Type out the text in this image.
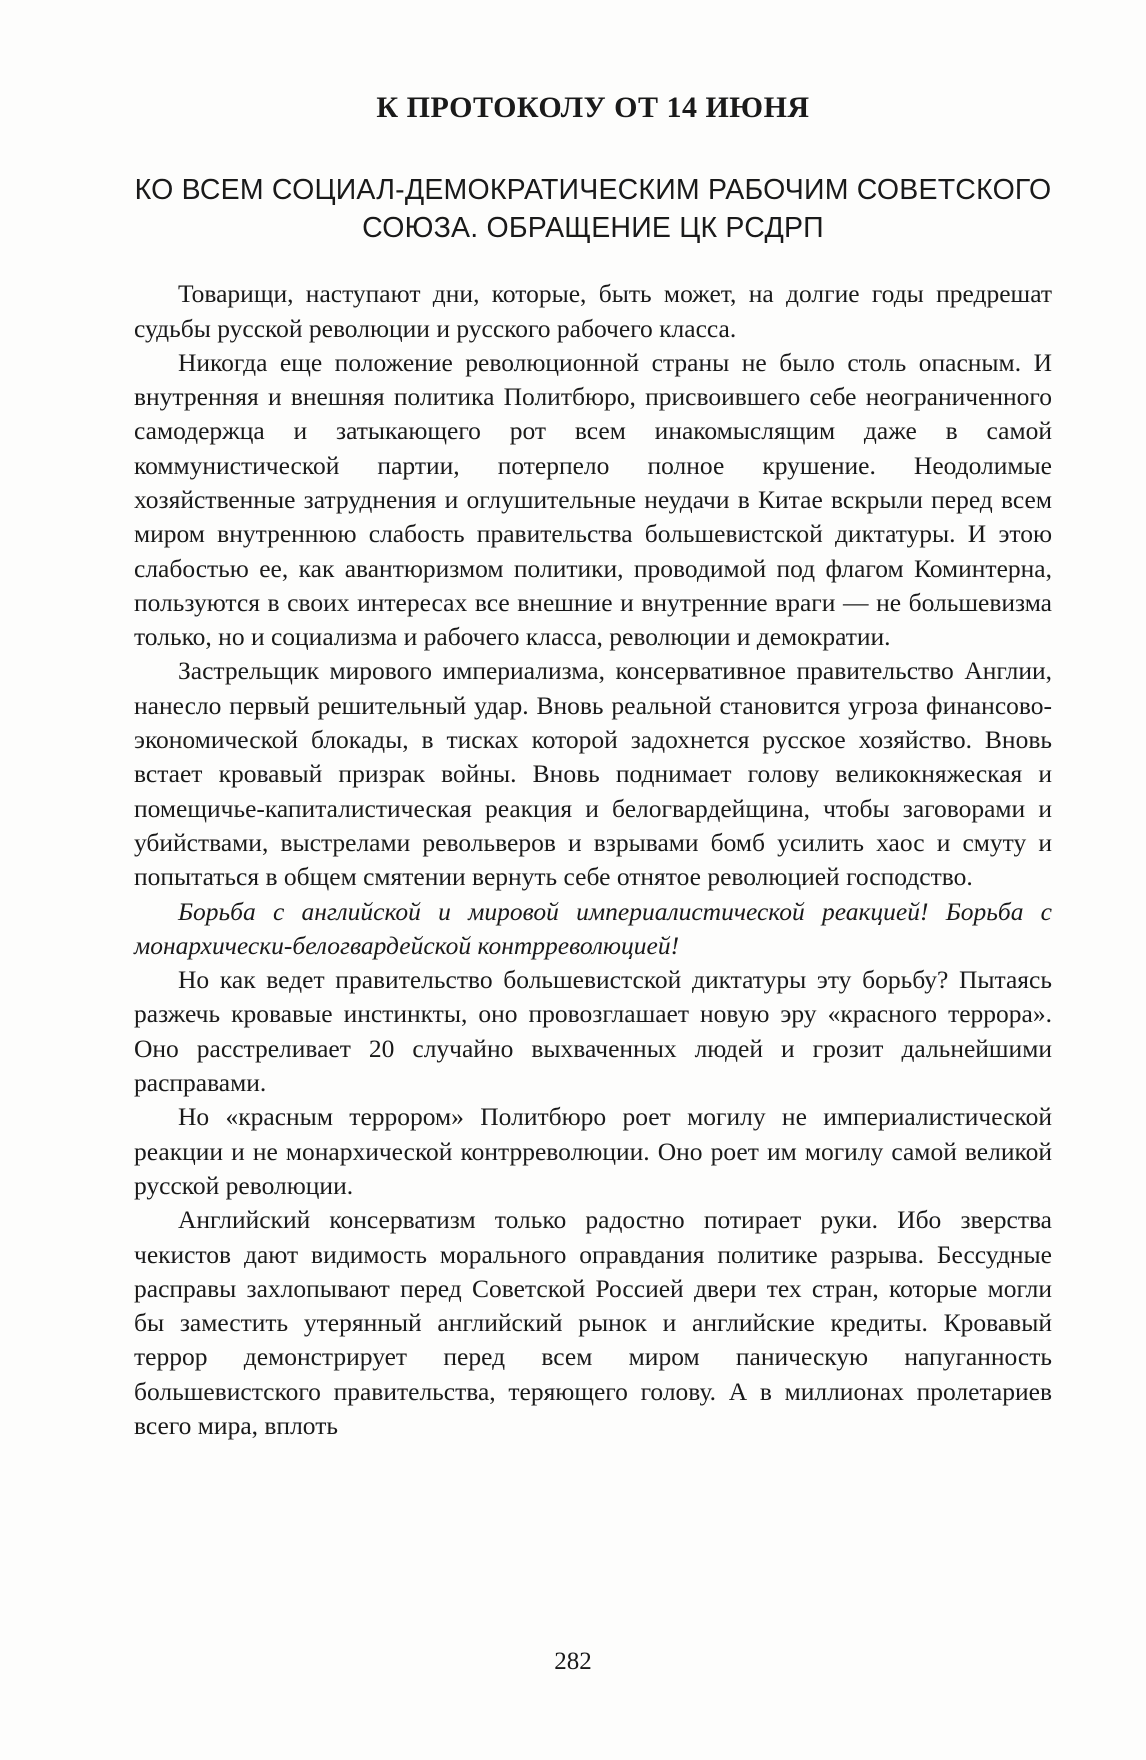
К ПРОТОКОЛУ ОТ 14 ИЮНЯ
КО ВСЕМ СОЦИАЛ-ДЕМОКРАТИЧЕСКИМ РАБОЧИМ СОВЕТСКОГО СОЮЗА. ОБРАЩЕНИЕ ЦК РСДРП

Товарищи, наступают дни, которые, быть может, на долгие годы предрешат судьбы русской революции и русского рабочего класса.

Никогда еще положение революционной страны не было столь опасным. И внутренняя и внешняя политика Политбюро, присвоившего себе неограниченного самодержца и затыкающего рот всем инакомыслящим даже в самой коммунистической партии, потерпело полное крушение. Неодолимые хозяйственные затруднения и оглушительные неудачи в Китае вскрыли перед всем миром внутреннюю слабость правительства большевистской диктатуры. И этою слабостью ее, как авантюризмом политики, проводимой под флагом Коминтерна, пользуются в своих интересах все внешние и внутренние враги — не большевизма только, но и социализма и рабочего класса, революции и демократии.

Застрельщик мирового империализма, консервативное правительство Англии, нанесло первый решительный удар. Вновь реальной становится угроза финансово-экономической блокады, в тисках которой задохнется русское хозяйство. Вновь встает кровавый призрак войны. Вновь поднимает голову великокняжеская и помещичье-капиталистическая реакция и белогвардейщина, чтобы заговорами и убийствами, выстрелами револьверов и взрывами бомб усилить хаос и смуту и попытаться в общем смятении вернуть себе отнятое революцией господство.

Борьба с английской и мировой империалистической реакцией! Борьба с монархически-белогвардейской контрреволюцией!

Но как ведет правительство большевистской диктатуры эту борьбу? Пытаясь разжечь кровавые инстинкты, оно провозглашает новую эру «красного террора». Оно расстреливает 20 случайно выхваченных людей и грозит дальнейшими расправами.

Но «красным террором» Политбюро роет могилу не империалистической реакции и не монархической контрреволюции. Оно роет им могилу самой великой русской революции.

Английский консерватизм только радостно потирает руки. Ибо зверства чекистов дают видимость морального оправдания политике разрыва. Бессудные расправы захлопывают перед Советской Россией двери тех стран, которые могли бы заместить утерянный английский рынок и английские кредиты. Кровавый террор демонстрирует перед всем миром паническую напуганность большевистского правительства, теряющего голову. А в миллионах пролетариев всего мира, вплоть

282
